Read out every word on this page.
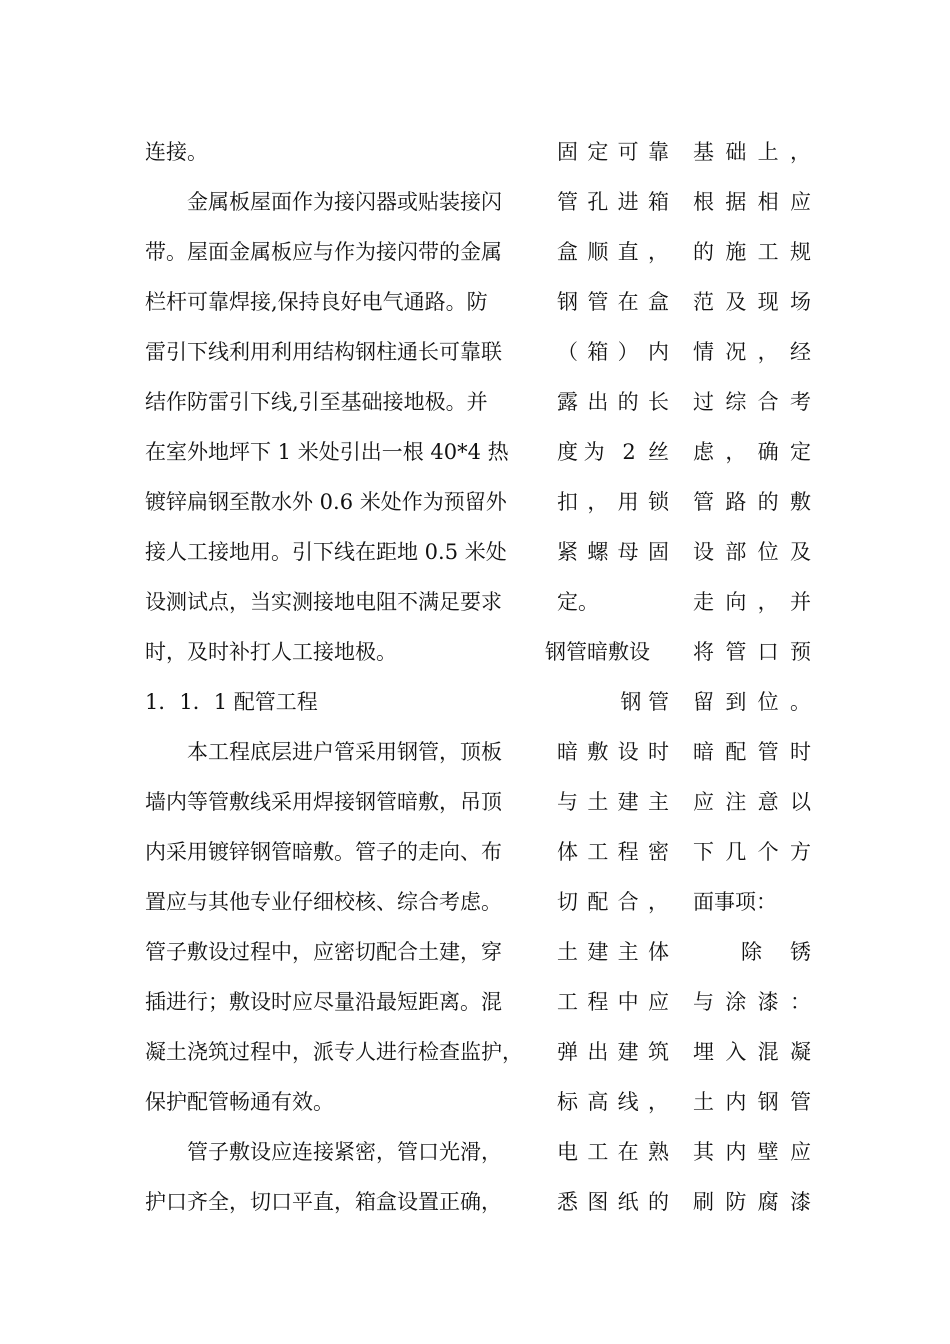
连接。
　　金属板屋面作为接闪器或贴装接闪
带。屋面金属板应与作为接闪带的金属
栏杆可靠焊接,保持良好电气通路。防
雷引下线利用利用结构钢柱通长可靠联
结作防雷引下线,引至基础接地极。并
在室外地坪下 1 米处引出一根 40*4 热
镀锌扁钢至散水外 0.6 米处作为预留外
接人工接地用。引下线在距地 0.5 米处
设测试点，当实测接地电阻不满足要求
时，及时补打人工接地极。
1．1．1 配管工程
　　本工程底层进户管采用钢管，顶板
墙内等管敷线采用焊接钢管暗敷，吊顶
内采用镀锌钢管暗敷。管子的走向、布
置应与其他专业仔细校核、综合考虑。
管子敷设过程中，应密切配合土建，穿
插进行；敷设时应尽量沿最短距离。混
凝土浇筑过程中，派专人进行检查监护，
保护配管畅通有效。
　　管子敷设应连接紧密，管口光滑，
护口齐全，切口平直，箱盒设置正确，
固定可靠
管孔进箱
盒顺直，
钢管在盒
（箱）内
露出的长
度为 2 丝
扣，用锁
紧螺母固
定。
钢管暗敷设
钢 管
暗敷设时
与土建主
体工程密
切配合，
土建主体
工程中应
弹出建筑
标高线，
电工在熟
悉图纸的
基础上，
根据相应
的施工规
范及现场
情况，经
过综合考
虑，确定
管路的敷
设部位及
走向，并
将管口预
留到位。
暗配管时
应注意以
下几个方
面事项：
除 锈
与涂漆：
埋入混凝
土内钢管
其内壁应
刷防腐漆
